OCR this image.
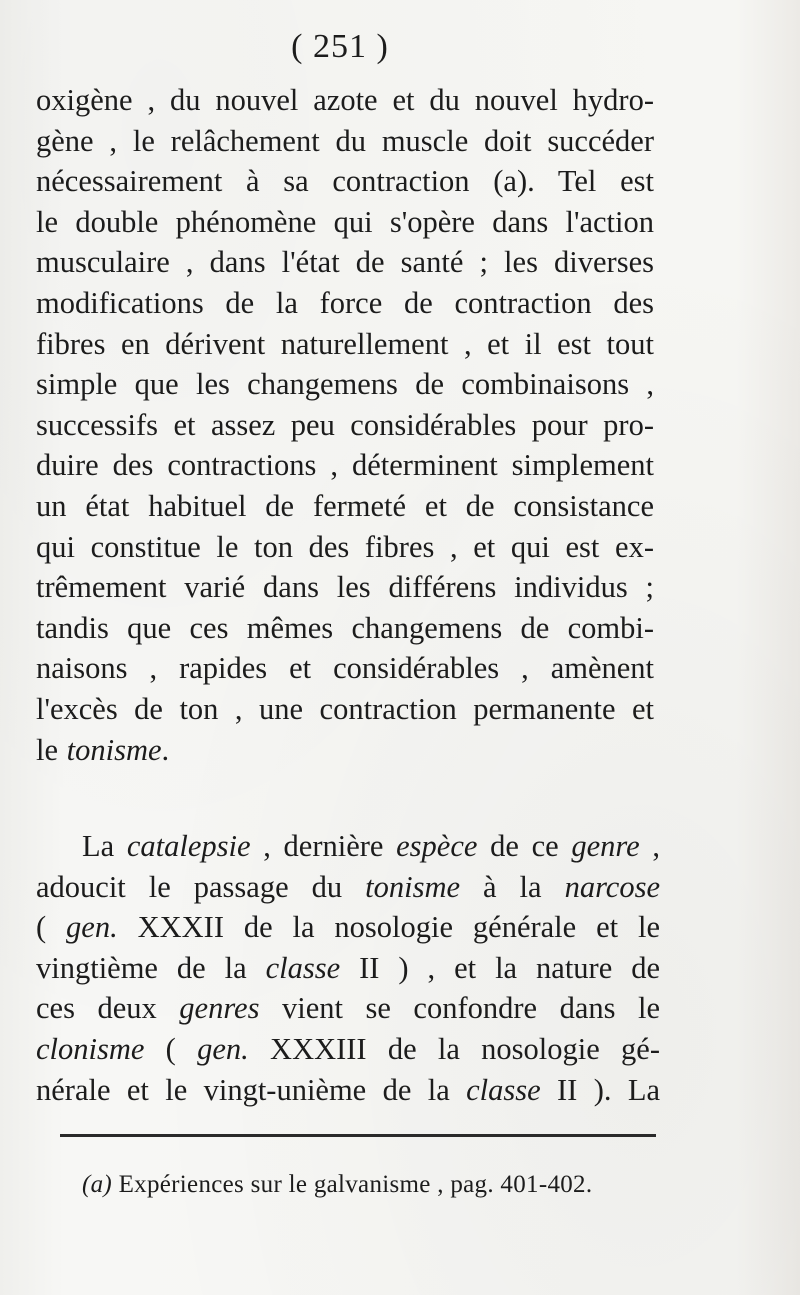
( 251 )
oxigène , du nouvel azote et du nouvel hydro-
gène , le relâchement du muscle doit succéder
nécessairement à sa contraction (a). Tel est
le double phénomène qui s'opère dans l'action
musculaire , dans l'état de santé ; les diverses
modifications de la force de contraction des
fibres en dérivent naturellement , et il est tout
simple que les changemens de combinaisons ,
successifs et assez peu considérables pour pro-
duire des contractions , déterminent simplement
un état habituel de fermeté et de consistance
qui constitue le ton des fibres , et qui est ex-
trêmement varié dans les différens individus ;
tandis que ces mêmes changemens de combi-
naisons , rapides et considérables , amènent
l'excès de ton , une contraction permanente et
le tonisme.
La catalepsie , dernière espèce de ce genre ,
adoucit le passage du tonisme à la narcose
( gen. XXXII de la nosologie générale et le
vingtième de la classe II ) , et la nature de
ces deux genres vient se confondre dans le
clonisme ( gen. XXXIII de la nosologie gé-
nérale et le vingt-unième de la classe II ). La
(a) Expériences sur le galvanisme , pag. 401-402.
